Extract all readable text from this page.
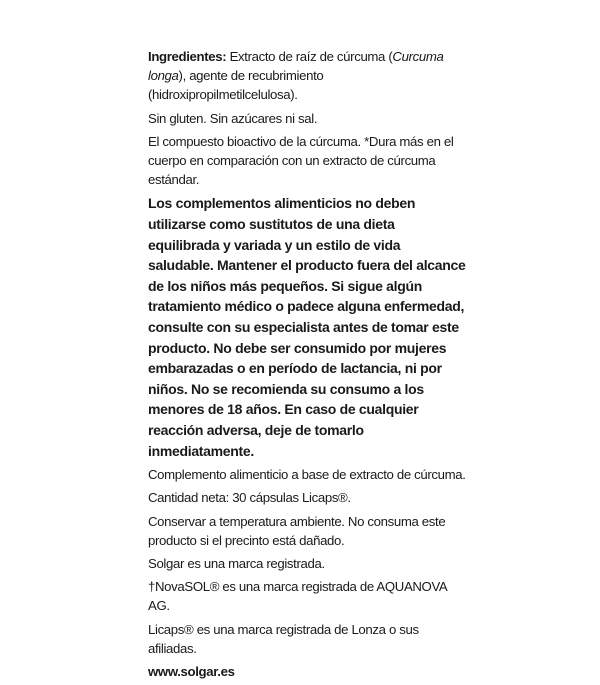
Ingredientes: Extracto de raíz de cúrcuma (Curcuma longa), agente de recubrimiento (hidroxipropilmetilcelulosa).

Sin gluten. Sin azúcares ni sal.

El compuesto bioactivo de la cúrcuma. *Dura más en el cuerpo en comparación con un extracto de cúrcuma estándar.

Los complementos alimenticios no deben utilizarse como sustitutos de una dieta equilibrada y variada y un estilo de vida saludable. Mantener el producto fuera del alcance de los niños más pequeños. Si sigue algún tratamiento médico o padece alguna enfermedad, consulte con su especialista antes de tomar este producto. No debe ser consumido por mujeres embarazadas o en período de lactancia, ni por niños. No se recomienda su consumo a los menores de 18 años. En caso de cualquier reacción adversa, deje de tomarlo inmediatamente.

Complemento alimenticio a base de extracto de cúrcuma.

Cantidad neta: 30 cápsulas Licaps®.

Conservar a temperatura ambiente. No consuma este producto si el precinto está dañado.

Solgar es una marca registrada.

†NovaSOL® es una marca registrada de AQUANOVA AG.

Licaps® es una marca registrada de Lonza o sus afiliadas.

www.solgar.es
